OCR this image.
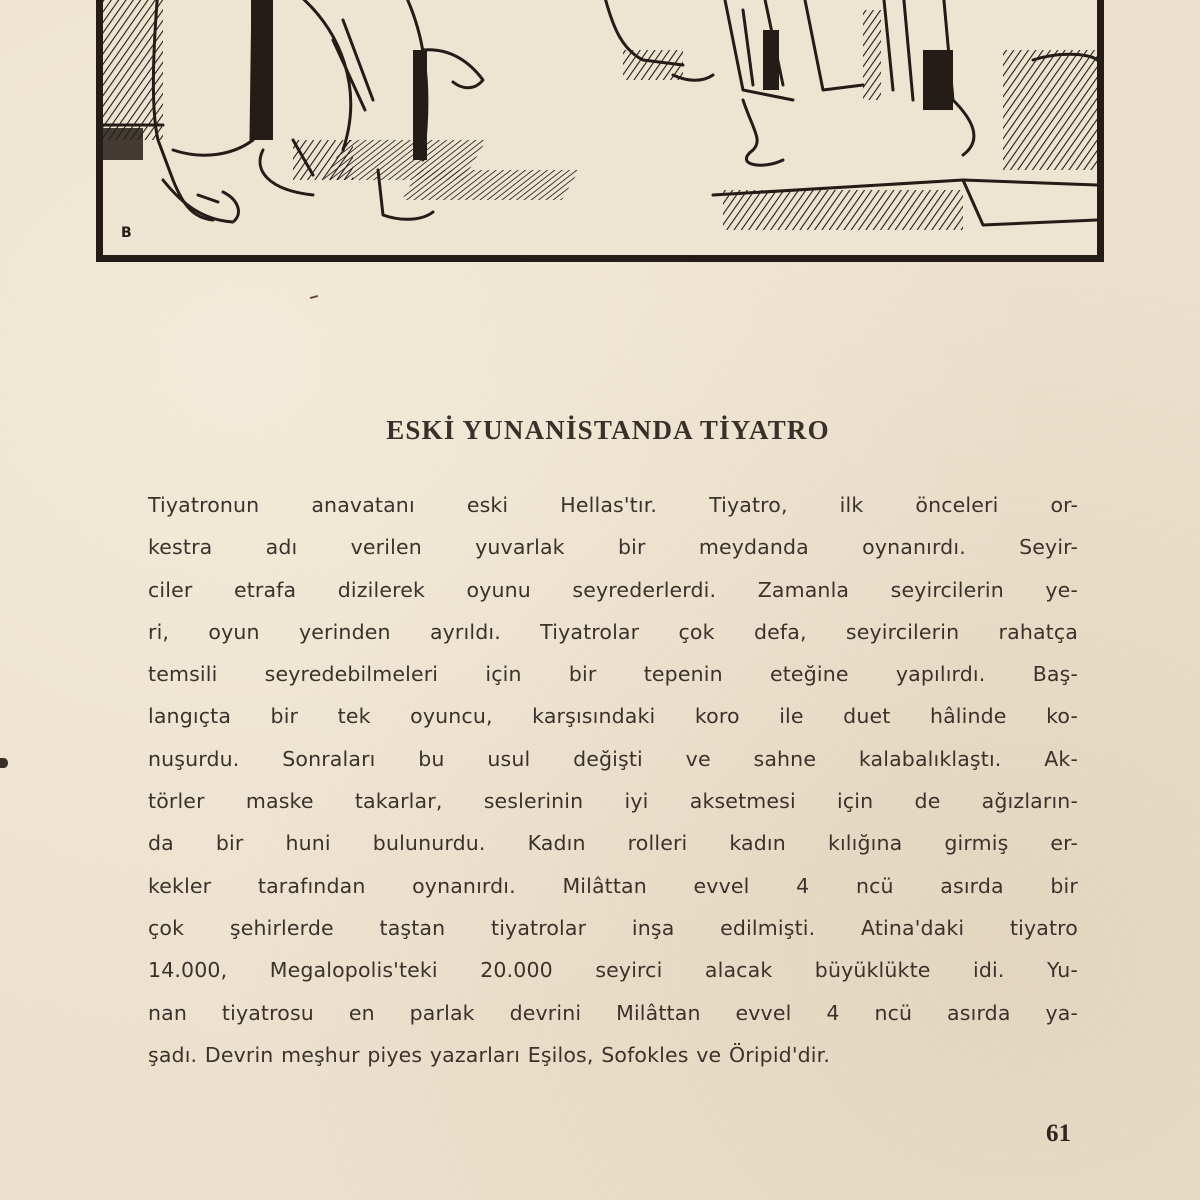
B
ESKİ YUNANİSTANDA TİYATRO
Tiyatronun anavatanı eski Hellas'tır. Tiyatro, ilk önceleri or-
kestra adı verilen yuvarlak bir meydanda oynanırdı. Seyir-
ciler etrafa dizilerek oyunu seyrederlerdi. Zamanla seyircilerin ye-
ri, oyun yerinden ayrıldı. Tiyatrolar çok defa, seyircilerin rahatça
temsili seyredebilmeleri için bir tepenin eteğine yapılırdı. Baş-
langıçta bir tek oyuncu, karşısındaki koro ile duet hâlinde ko-
nuşurdu. Sonraları bu usul değişti ve sahne kalabalıklaştı. Ak-
törler maske takarlar, seslerinin iyi aksetmesi için de ağızların-
da bir huni bulunurdu. Kadın rolleri kadın kılığına girmiş er-
kekler tarafından oynanırdı. Milâttan evvel 4 ncü asırda bir
çok şehirlerde taştan tiyatrolar inşa edilmişti. Atina'daki tiyatro
14.000, Megalopolis'teki 20.000 seyirci alacak büyüklükte idi. Yu-
nan tiyatrosu en parlak devrini Milâttan evvel 4 ncü asırda ya-
şadı. Devrin meşhur piyes yazarları Eşilos, Sofokles ve Öripid'dir.
61
